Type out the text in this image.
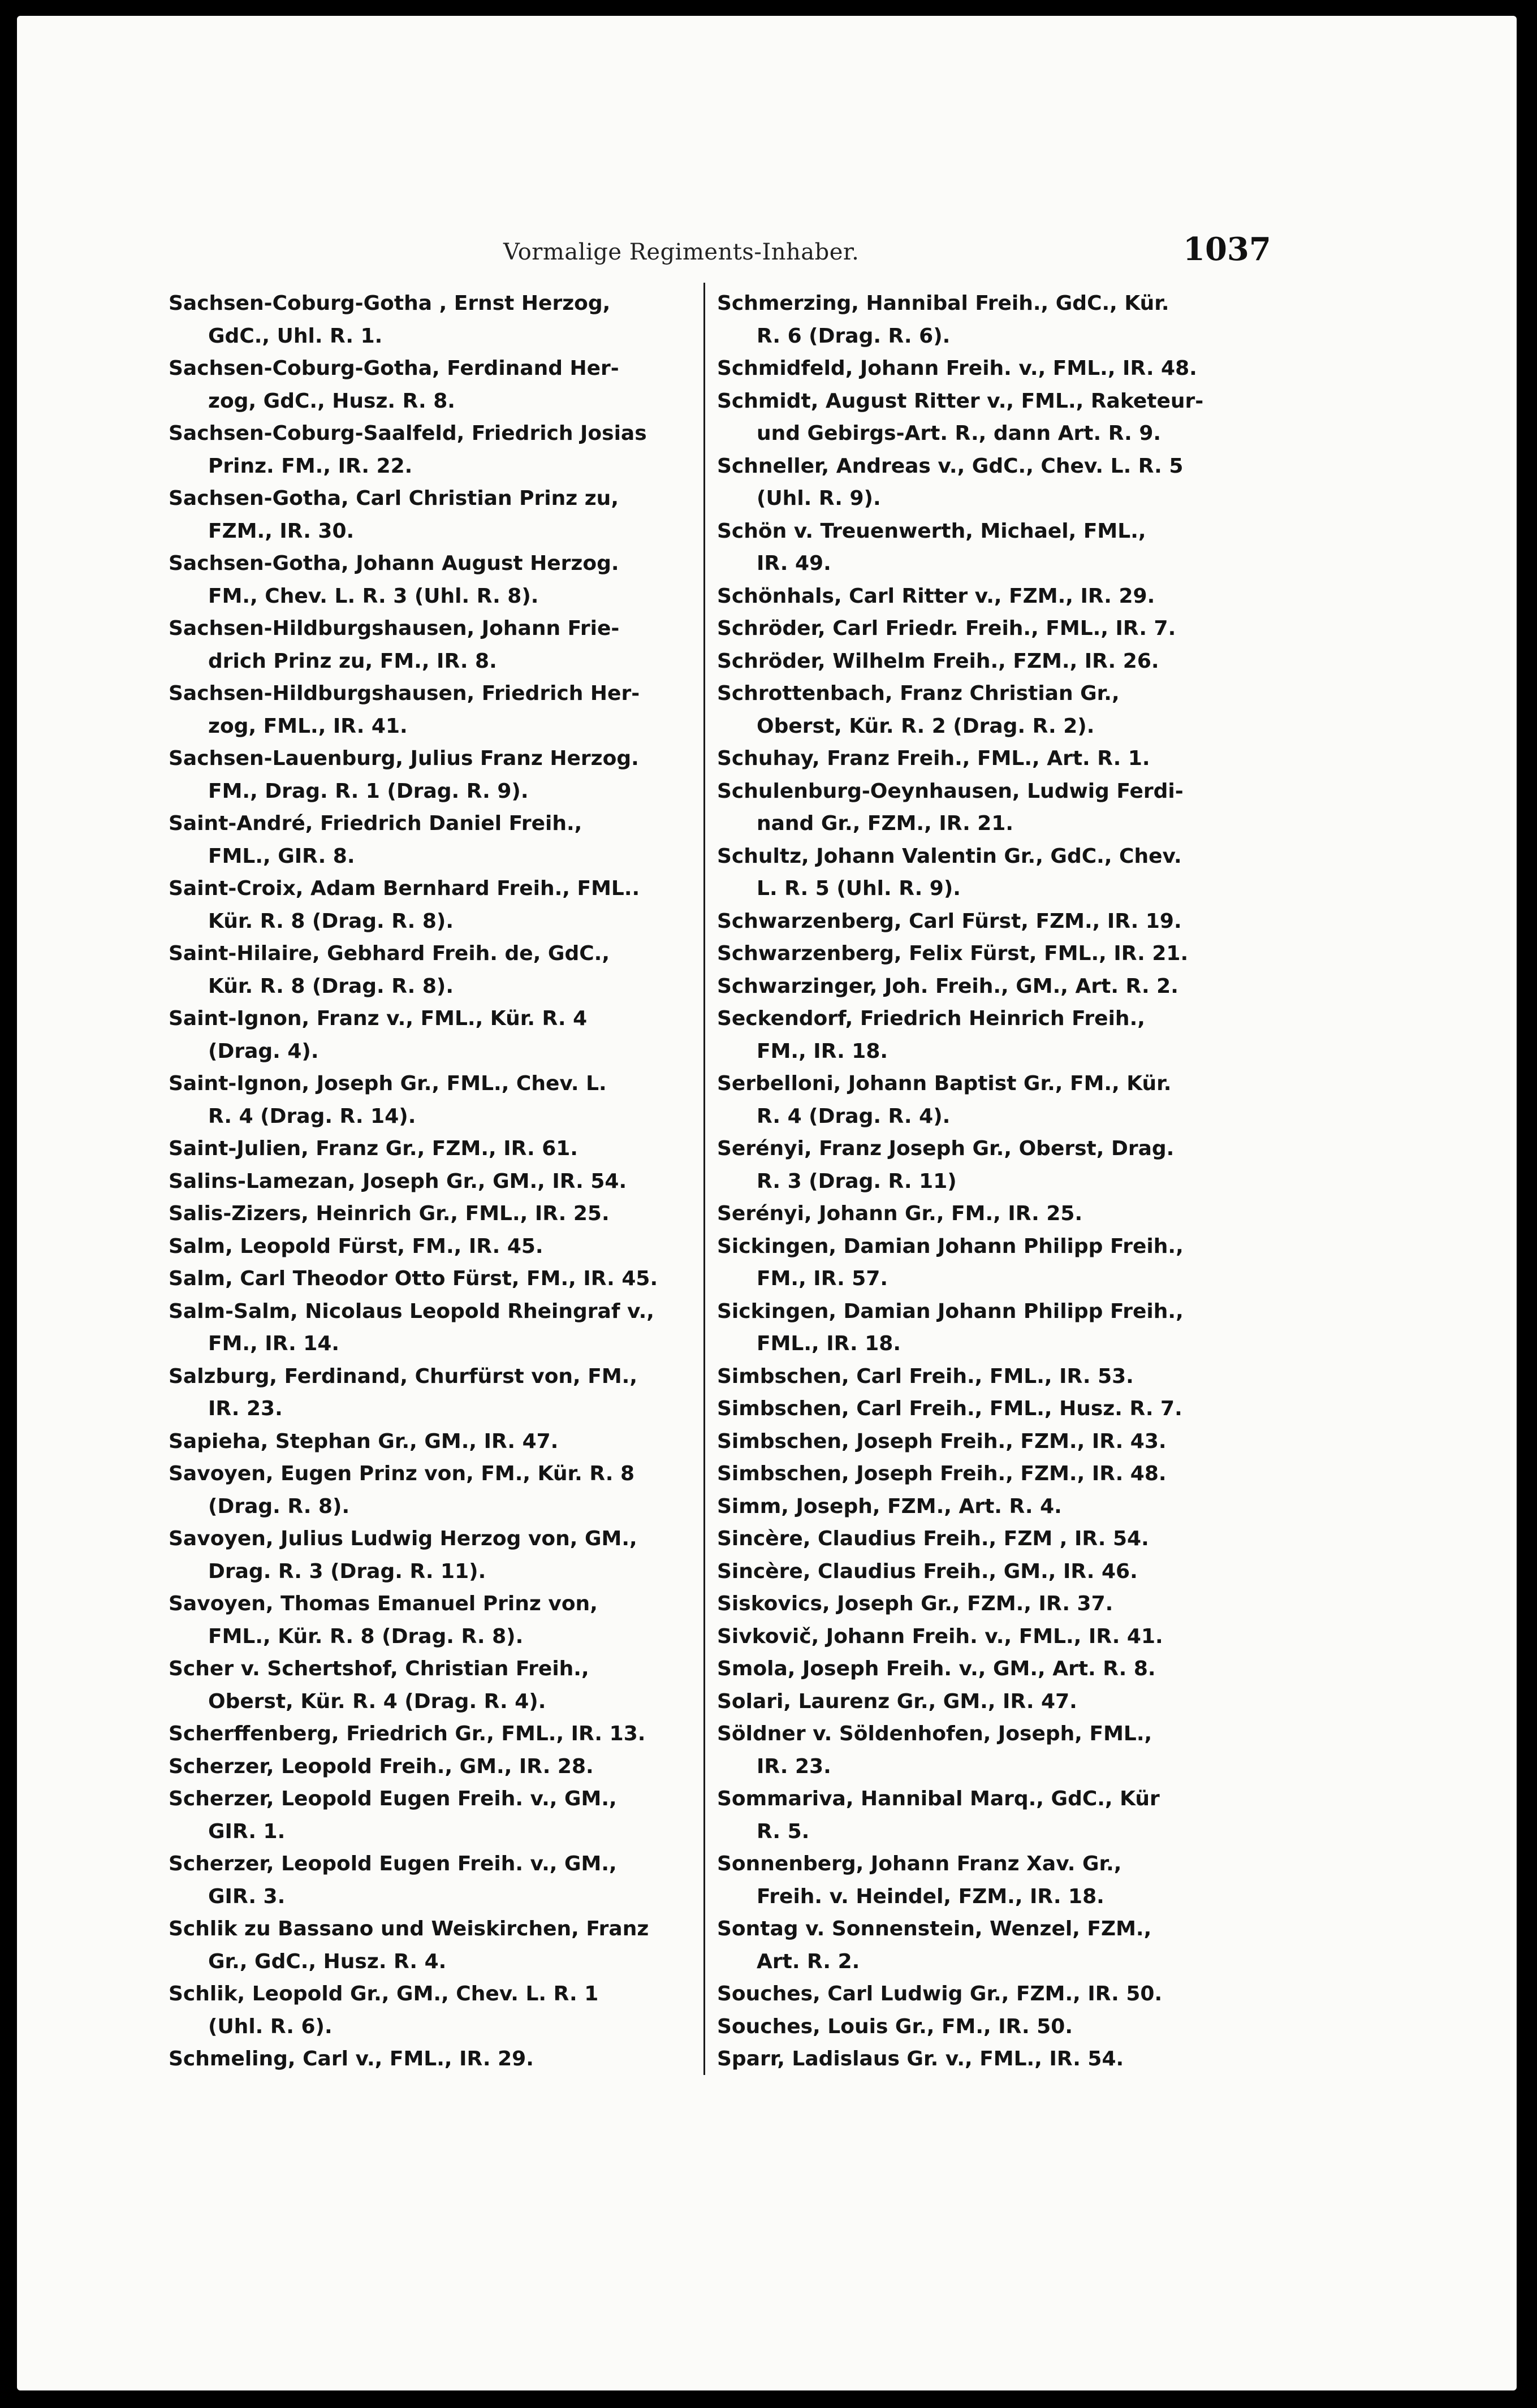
Vormalige Regiments-Inhaber.	1037
Sachsen-Coburg-Gotha , Ernst Herzog,
GdC., Uhl. R. 1.
Sachsen-Coburg-Gotha, Ferdinand Her-
zog, GdC., Husz. R. 8.
Sachsen-Coburg-Saalfeld, Friedrich Josias
Prinz. FM., IR. 22.
Sachsen-Gotha, Carl Christian Prinz zu,
FZM., IR. 30.
Sachsen-Gotha, Johann August Herzog.
FM., Chev. L. R. 3 (Uhl. R. 8).
Sachsen-Hildburgshausen, Johann Frie-
drich Prinz zu, FM., IR. 8.
Sachsen-Hildburgshausen, Friedrich Her-
zog, FML., IR. 41.
Sachsen-Lauenburg, Julius Franz Herzog.
FM., Drag. R. 1 (Drag. R. 9).
Saint-André, Friedrich Daniel Freih.,
FML., GIR. 8.
Saint-Croix, Adam Bernhard Freih., FML..
Kür. R. 8 (Drag. R. 8).
Saint-Hilaire, Gebhard Freih. de, GdC.,
Kür. R. 8 (Drag. R. 8).
Saint-Ignon, Franz v., FML., Kür. R. 4
(Drag. 4).
Saint-Ignon, Joseph Gr., FML., Chev. L.
R. 4 (Drag. R. 14).
Saint-Julien, Franz Gr., FZM., IR. 61.
Salins-Lamezan, Joseph Gr., GM., IR. 54.
Salis-Zizers, Heinrich Gr., FML., IR. 25.
Salm, Leopold Fürst, FM., IR. 45.
Salm, Carl Theodor Otto Fürst, FM., IR. 45.
Salm-Salm, Nicolaus Leopold Rheingraf v.,
FM., IR. 14.
Salzburg, Ferdinand, Churfürst von, FM.,
IR. 23.
Sapieha, Stephan Gr., GM., IR. 47.
Savoyen, Eugen Prinz von, FM., Kür. R. 8
(Drag. R. 8).
Savoyen, Julius Ludwig Herzog von, GM.,
Drag. R. 3 (Drag. R. 11).
Savoyen, Thomas Emanuel Prinz von,
FML., Kür. R. 8 (Drag. R. 8).
Scher v. Schertshof, Christian Freih.,
Oberst, Kür. R. 4 (Drag. R. 4).
Scherffenberg, Friedrich Gr., FML., IR. 13.
Scherzer, Leopold Freih., GM., IR. 28.
Scherzer, Leopold Eugen Freih. v., GM.,
GIR. 1.
Scherzer, Leopold Eugen Freih. v., GM.,
GIR. 3.
Schlik zu Bassano und Weiskirchen, Franz
Gr., GdC., Husz. R. 4.
Schlik, Leopold Gr., GM., Chev. L. R. 1
(Uhl. R. 6).
Schmeling, Carl v., FML., IR. 29.
Schmerzing, Hannibal Freih., GdC., Kür.
R. 6 (Drag. R. 6).
Schmidfeld, Johann Freih. v., FML., IR. 48.
Schmidt, August Ritter v., FML., Raketeur-
und Gebirgs-Art. R., dann Art. R. 9.
Schneller, Andreas v., GdC., Chev. L. R. 5
(Uhl. R. 9).
Schön v. Treuenwerth, Michael, FML.,
IR. 49.
Schönhals, Carl Ritter v., FZM., IR. 29.
Schröder, Carl Friedr. Freih., FML., IR. 7.
Schröder, Wilhelm Freih., FZM., IR. 26.
Schrottenbach, Franz Christian Gr.,
Oberst, Kür. R. 2 (Drag. R. 2).
Schuhay, Franz Freih., FML., Art. R. 1.
Schulenburg-Oeynhausen, Ludwig Ferdi-
nand Gr., FZM., IR. 21.
Schultz, Johann Valentin Gr., GdC., Chev.
L. R. 5 (Uhl. R. 9).
Schwarzenberg, Carl Fürst, FZM., IR. 19.
Schwarzenberg, Felix Fürst, FML., IR. 21.
Schwarzinger, Joh. Freih., GM., Art. R. 2.
Seckendorf, Friedrich Heinrich Freih.,
FM., IR. 18.
Serbelloni, Johann Baptist Gr., FM., Kür.
R. 4 (Drag. R. 4).
Serényi, Franz Joseph Gr., Oberst, Drag.
R. 3 (Drag. R. 11)
Serényi, Johann Gr., FM., IR. 25.
Sickingen, Damian Johann Philipp Freih.,
FM., IR. 57.
Sickingen, Damian Johann Philipp Freih.,
FML., IR. 18.
Simbschen, Carl Freih., FML., IR. 53.
Simbschen, Carl Freih., FML., Husz. R. 7.
Simbschen, Joseph Freih., FZM., IR. 43.
Simbschen, Joseph Freih., FZM., IR. 48.
Simm, Joseph, FZM., Art. R. 4.
Sincère, Claudius Freih., FZM , IR. 54.
Sincère, Claudius Freih., GM., IR. 46.
Siskovics, Joseph Gr., FZM., IR. 37.
Sivkovič, Johann Freih. v., FML., IR. 41.
Smola, Joseph Freih. v., GM., Art. R. 8.
Solari, Laurenz Gr., GM., IR. 47.
Söldner v. Söldenhofen, Joseph, FML.,
IR. 23.
Sommariva, Hannibal Marq., GdC., Kür
R. 5.
Sonnenberg, Johann Franz Xav. Gr.,
Freih. v. Heindel, FZM., IR. 18.
Sontag v. Sonnenstein, Wenzel, FZM.,
Art. R. 2.
Souches, Carl Ludwig Gr., FZM., IR. 50.
Souches, Louis Gr., FM., IR. 50.
Sparr, Ladislaus Gr. v., FML., IR. 54.
